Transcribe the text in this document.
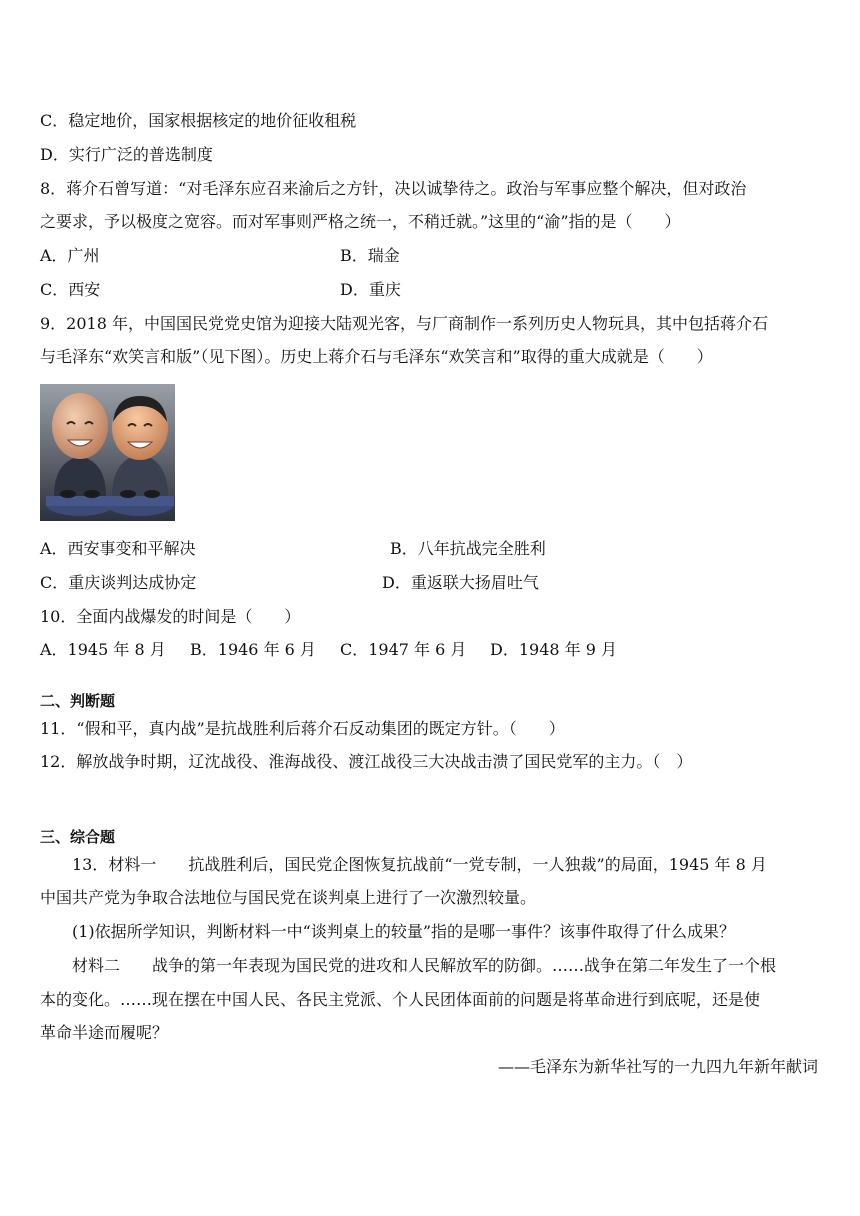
C．稳定地价，国家根据核定的地价征收租税
D．实行广泛的普选制度
8．蒋介石曾写道：“对毛泽东应召来渝后之方针，决以诚挚待之。政治与军事应整个解决，但对政治
之要求，予以极度之宽容。而对军事则严格之统一，不稍迁就。”这里的“渝”指的是（　　）
A．广州	B．瑞金
C．西安	D．重庆
9．2018 年，中国国民党党史馆为迎接大陆观光客，与厂商制作一系列历史人物玩具，其中包括蒋介石
与毛泽东“欢笑言和版”（见下图）。历史上蒋介石与毛泽东“欢笑言和”取得的重大成就是（　　）
A．西安事变和平解决	B．八年抗战完全胜利
C．重庆谈判达成协定	D．重返联大扬眉吐气
10．全面内战爆发的时间是（　　）
A．1945 年 8 月 B．1946 年 6 月 C．1947 年 6 月 D．1948 年 9 月
二、判断题
11．“假和平，真内战”是抗战胜利后蒋介石反动集团的既定方针。（　　）
12．解放战争时期，辽沈战役、淮海战役、渡江战役三大决战击溃了国民党军的主力。（　）
三、综合题
13．材料一　　抗战胜利后，国民党企图恢复抗战前“一党专制，一人独裁”的局面，1945 年 8 月
中国共产党为争取合法地位与国民党在谈判桌上进行了一次激烈较量。
(1)依据所学知识，判断材料一中“谈判桌上的较量”指的是哪一事件？该事件取得了什么成果？
材料二　　战争的第一年表现为国民党的进攻和人民解放军的防御。……战争在第二年发生了一个根
本的变化。……现在摆在中国人民、各民主党派、个人民团体面前的问题是将革命进行到底呢，还是使
革命半途而履呢？
——毛泽东为新华社写的一九四九年新年献词
